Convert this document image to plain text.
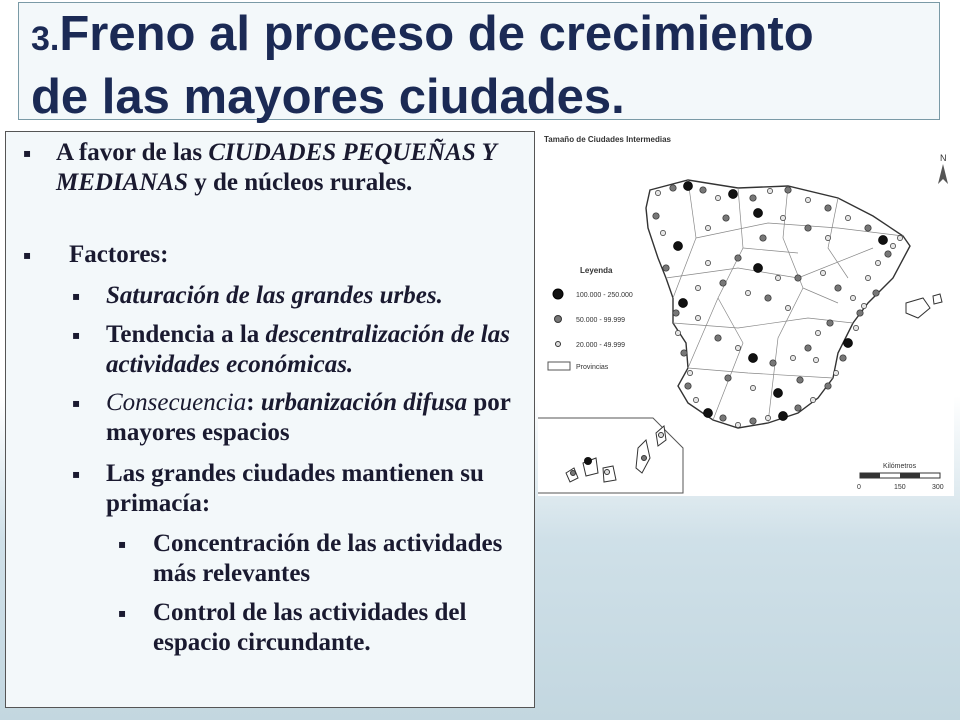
3.Freno al proceso de crecimiento
de las mayores ciudades.
▪ A favor de las CIUDADES PEQUEÑAS Y MEDIANAS y de núcleos rurales.
▪ Factores:
▪ Saturación de las grandes urbes.
▪ Tendencia a la descentralización de las actividades económicas.
▪ Consecuencia: urbanización difusa por mayores espacios
▪ Las grandes ciudades mantienen su primacía:
▪ Concentración de las actividades más relevantes
▪ Control de las actividades del espacio circundante.
Tamaño de Ciudades Intermedias
N
Leyenda
100.000 - 250.000
50.000 - 99.999
20.000 - 49.999
Provincias
Kilómetros
0	150	300
